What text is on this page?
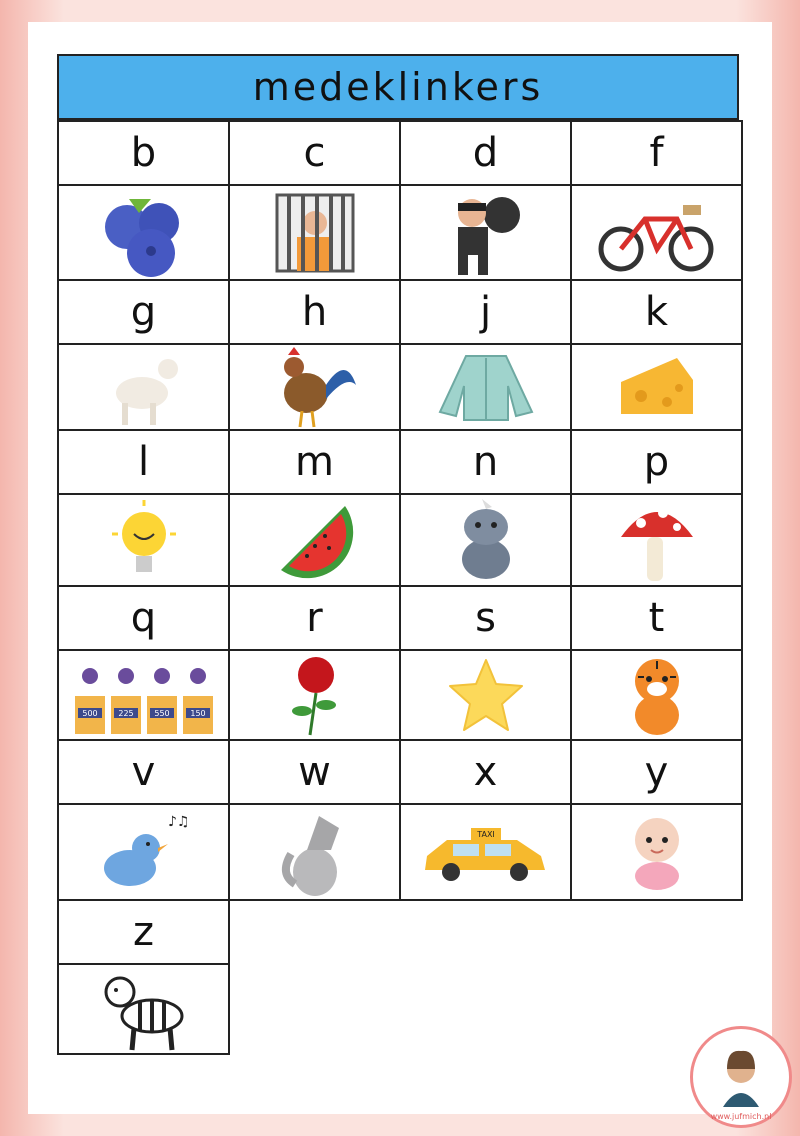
medeklinkers
b	c	d	f

g	h	j	k

l	m	n	p

q	r	s	t

500 225 550 150

v	w	x	y

♪♫		TAXI

z			

www.jufmich.nl
